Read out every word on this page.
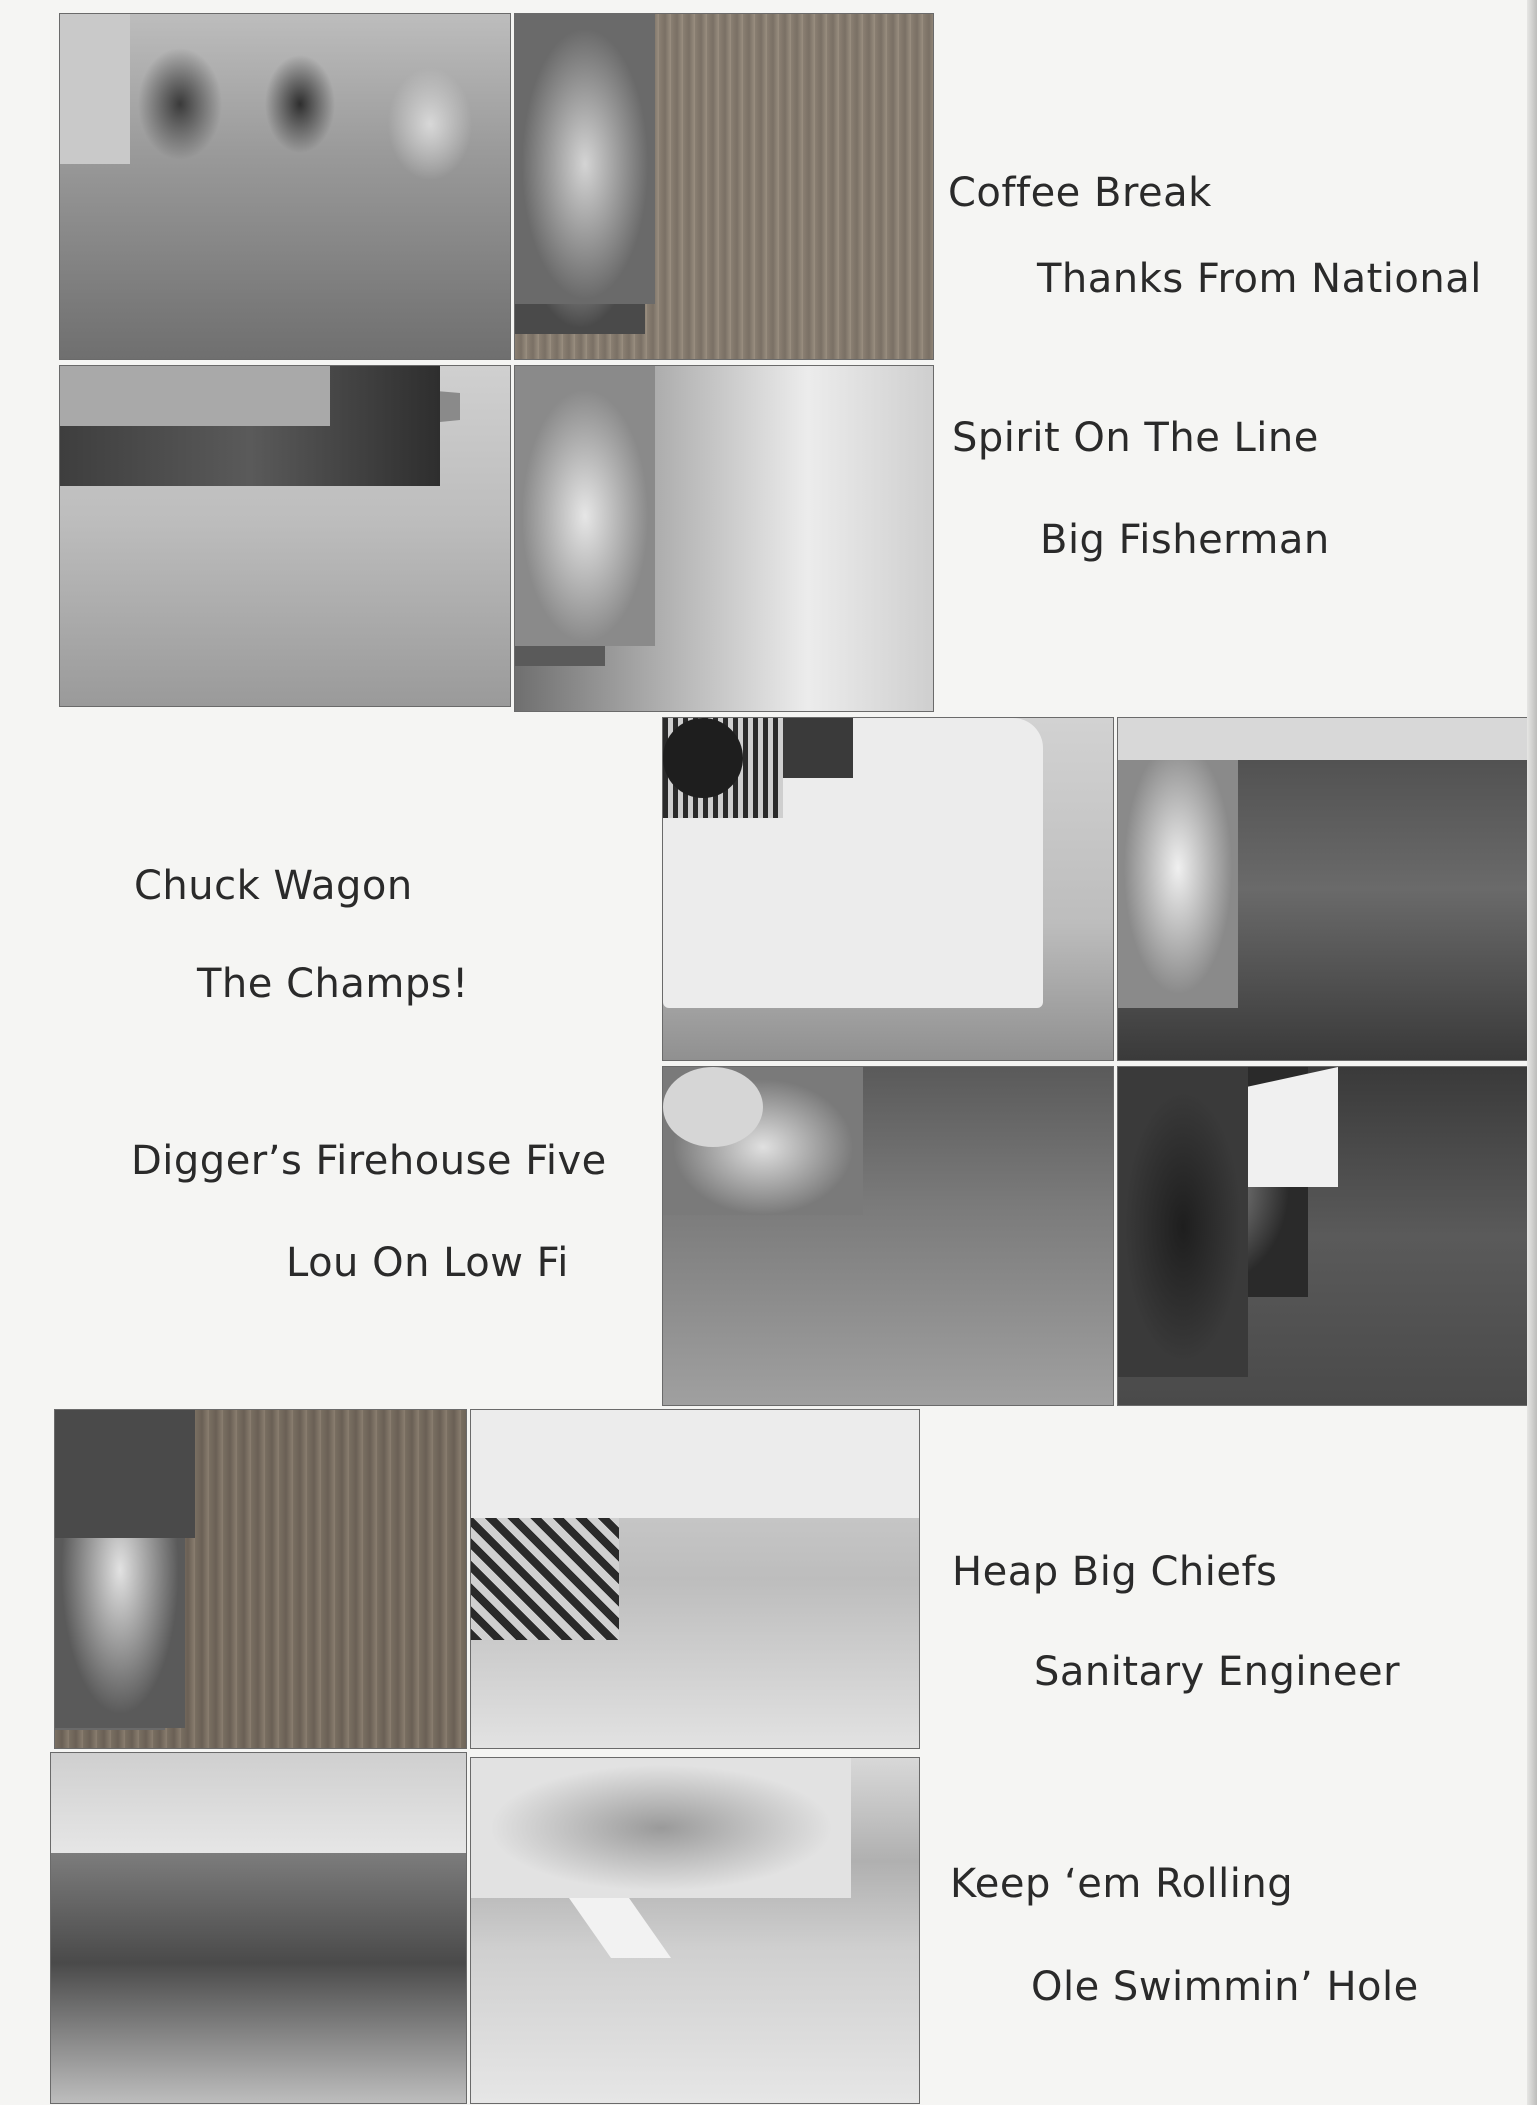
Coffee Break
Thanks From National
Spirit On The Line
Big Fisherman
Chuck Wagon
The Champs!
Digger’s Firehouse Five
Lou On Low Fi
Heap Big Chiefs
Sanitary Engineer
Keep ‘em Rolling
Ole Swimmin’ Hole
